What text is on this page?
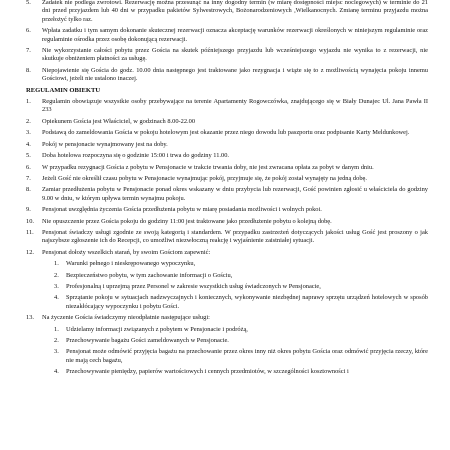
5.	Zadatek nie podlega zwrotowi. Rezerwację można przesunąć na inny dogodny termin (w miarę dostępności miejsc noclegowych) w terminie do 21 dni przed przyjazdem lub 40 dni w przypadku pakietów Sylwestrowych, Bożonarodzeniowych ,Wielkanocnych. Zmianę terminu przyjazdu można przełożyć tylko raz.
6.	Wpłata zadatku i tym samym dokonanie skutecznej rezerwacji oznacza akceptację warunków rezerwacji określonych w niniejszym regulaminie oraz regulaminie ośrodka przez osobę dokonującą rezerwacji.
7.	Nie wykorzystanie całości pobytu przez Gościa na skutek późniejszego przyjazdu lub wcześniejszego wyjazdu nie wynika to z rezerwacji, nie skutkuje obniżeniem płatności za usługę.
8.	Niepojawienie się Gościa do godz. 10.00 dnia następnego jest traktowane jako rezygnacja i wiąże się to z możliwością wynajęcia pokoju innemu Gościowi, jeżeli nie ustalono inaczej.
REGULAMIN OBIEKTU
1.	Regulamin obowiązuje wszystkie osoby przebywające na terenie Apartamenty Rogowczówka, znajdującego się w Biały Dunajec Ul. Jana Pawła II 233
2.	Opiekunem Gościa jest Właściciel, w godzinach 8.00-22.00
3.	Podstawą do zameldowania Gościa w pokoju hotelowym jest okazanie przez niego dowodu lub paszportu oraz podpisanie Karty Meldunkowej.
4.	Pokój w pensjonacie wynajmowany jest na doby.
5.	Doba hotelowa rozpoczyna się o godzinie 15:00 i trwa do godziny 11.00.
6.	W przypadku rezygnacji Gościa z pobytu w Pensjonacie w trakcie trwania doby, nie jest zwracana opłata za pobyt w danym dniu.
7.	Jeżeli Gość nie określił czasu pobytu w Pensjonacie wynajmując pokój, przyjmuje się, że pokój został wynajęty na jedną dobę.
8.	Zamiar przedłużenia pobytu w Pensjonacie ponad okres wskazany w dniu przybycia lub rezerwacji, Gość powinien zgłosić u właściciela do godziny 9.00 w dniu, w którym upływa termin wynajmu pokoju.
9.	Pensjonat uwzględnia życzenia Gościa przedłużenia pobytu w miarę posiadania możliwości i wolnych pokoi.
10.	Nie opuszczenie przez Gościa pokoju do godziny 11:00 jest traktowane jako przedłużenie pobytu o kolejną dobę.
11.	Pensjonat świadczy usługi zgodnie ze swoją kategorią i standardem. W przypadku zastrzeżeń dotyczących jakości usług Gość jest proszony o jak najszybsze zgłoszenie ich do Recepcji, co umożliwi niezwłoczną reakcję i wyjaśnienie zaistniałej sytuacji.
12.	Pensjonat dołoży wszelkich starań, by swoim Gościom zapewnić:
1. Warunki pełnego i nieskrępowanego wypoczynku,
2. Bezpieczeństwo pobytu, w tym zachowanie informacji o Gościu,
3. Profesjonalną i uprzejmą przez Personel w zakresie wszystkich usług świadczonych w Pensjonacie,
4. Sprzątanie pokoju w sytuacjach nadzwyczajnych i koniecznych, wykonywanie niezbędnej naprawy sprzętu urządzeń hotelowych w sposób niezakłócający wypoczynku i pobytu Gości.
13.	Na życzenie Gościa świadczymy nieodpłatnie następujące usługi:
1. Udzielamy informacji związanych z pobytem w Pensjonacie i podróżą,
2. Przechowywanie bagażu Gości zameldowanych w Pensjonacie.
3. Pensjonat może odmówić przyjęcia bagażu na przechowanie przez okres inny niż okres pobytu Gościa oraz odmówić przyjęcia rzeczy, które nie mają cech bagażu,
4. Przechowywanie pieniędzy, papierów wartościowych i cennych przedmiotów, w szczególności kosztowności i
